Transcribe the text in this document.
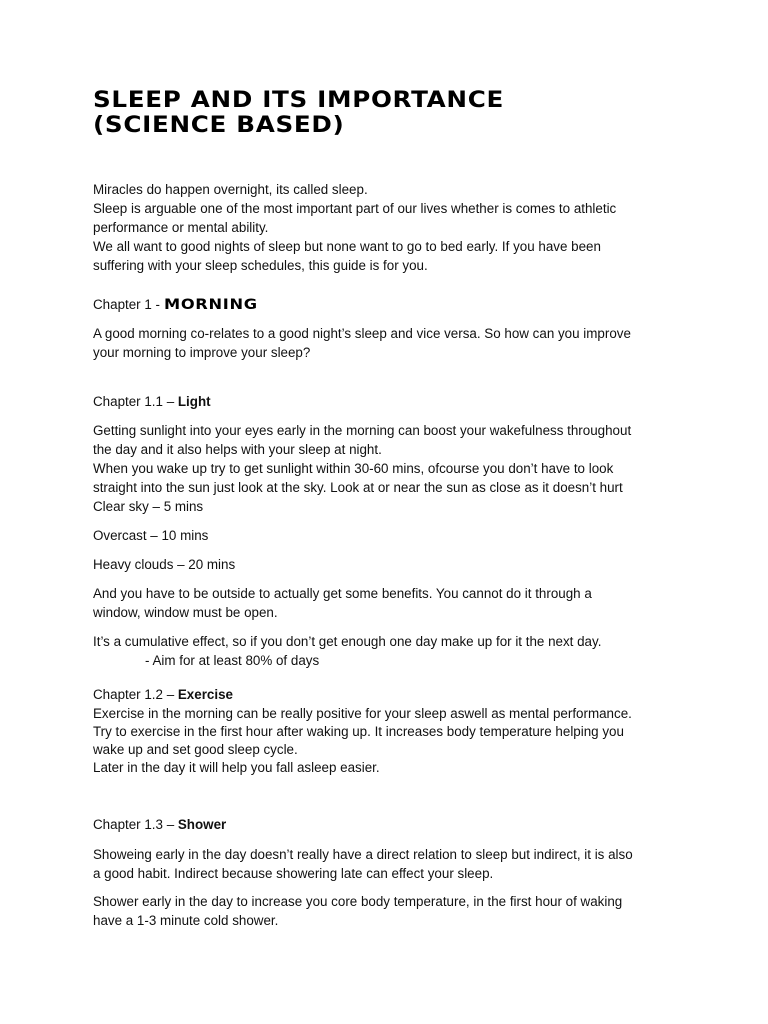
SLEEP AND ITS IMPORTANCE
(SCIENCE BASED)

Miracles do happen overnight, its called sleep.

Sleep is arguable one of the most important part of our lives whether is comes to athletic

performance or mental ability.

We all want to good nights of sleep but none want to go to bed early. If you have been

suffering with your sleep schedules, this guide is for you.

Chapter 1 - MORNING

A good morning co-relates to a good night’s sleep and vice versa. So how can you improve

your morning to improve your sleep?

Chapter 1.1 – Light

Getting sunlight into your eyes early in the morning can boost your wakefulness throughout

the day and it also helps with your sleep at night.

When you wake up try to get sunlight within 30-60 mins, ofcourse you don’t have to look

straight into the sun just look at the sky. Look at or near the sun as close as it doesn’t hurt

Clear sky – 5 mins

Overcast – 10 mins

Heavy clouds – 20 mins

And you have to be outside to actually get some benefits. You cannot do it through a

window, window must be open.

It’s a cumulative effect, so if you don’t get enough one day make up for it the next day.

- Aim for at least 80% of days

Chapter 1.2 – Exercise

Exercise in the morning can be really positive for your sleep aswell as mental performance.

Try to exercise in the first hour after waking up. It increases body temperature helping you

wake up and set good sleep cycle.

Later in the day it will help you fall asleep easier.

Chapter 1.3 – Shower

Showeing early in the day doesn’t really have a direct relation to sleep but indirect, it is also

a good habit. Indirect because showering late can effect your sleep.

Shower early in the day to increase you core body temperature, in the first hour of waking

have a 1-3 minute cold shower.
